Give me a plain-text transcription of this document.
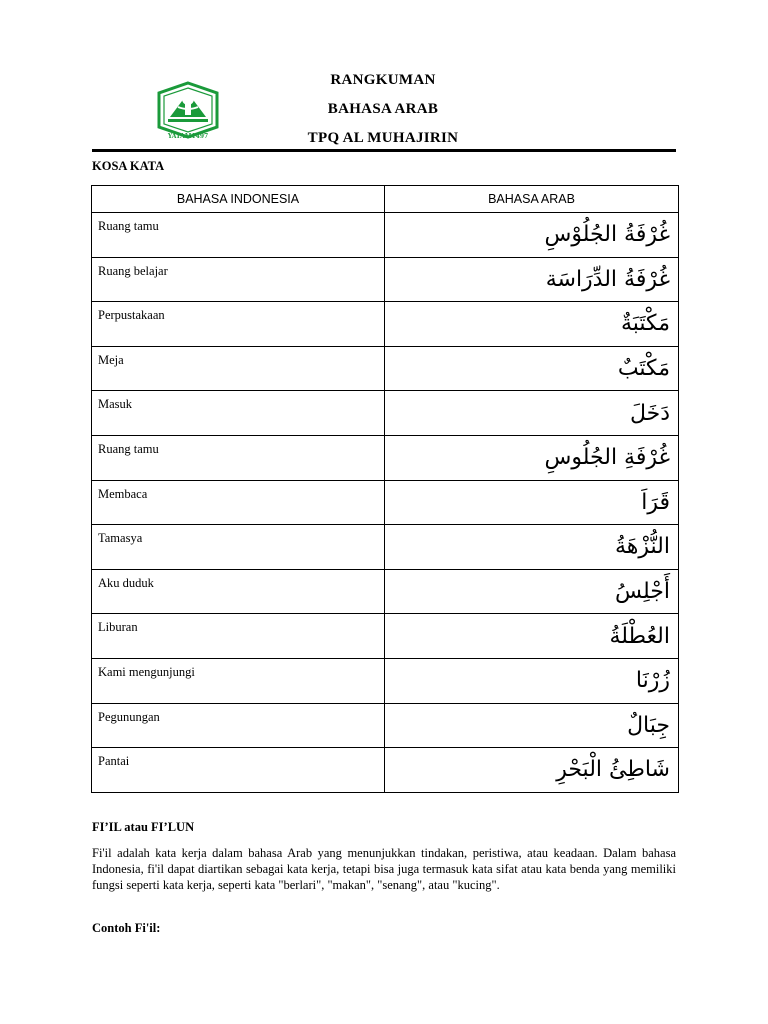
YATAM1497
RANGKUMAN
BAHASA ARAB
TPQ AL MUHAJIRIN
KOSA KATA
BAHASA INDONESIA	BAHASA ARAB
Ruang tamu	غُرْفَةُ الجُلُوْسِ
Ruang belajar	غُرْفَةُ الدِّرَاسَة
Perpustakaan	مَكْتَبَةٌ
Meja	مَكْتَبٌ
Masuk	دَخَلَ
Ruang tamu	غُرْفَةِ الجُلُوسِ
Membaca	قَرَاَ
Tamasya	النُّزْهَةُ
Aku duduk	أَجْلِسُ
Liburan	العُطْلَةُ
Kami mengunjungi	زُرْنَا
Pegunungan	جِبَالٌ
Pantai	شَاطِئُ الْبَحْرِ
FI’IL atau FI’LUN
Fi'il adalah kata kerja dalam bahasa Arab yang menunjukkan tindakan, peristiwa, atau keadaan. Dalam bahasa Indonesia, fi'il dapat diartikan sebagai kata kerja, tetapi bisa juga termasuk kata sifat atau kata benda yang memiliki fungsi seperti kata kerja, seperti kata "berlari", "makan", "senang", atau "kucing".
Contoh Fi'il:
